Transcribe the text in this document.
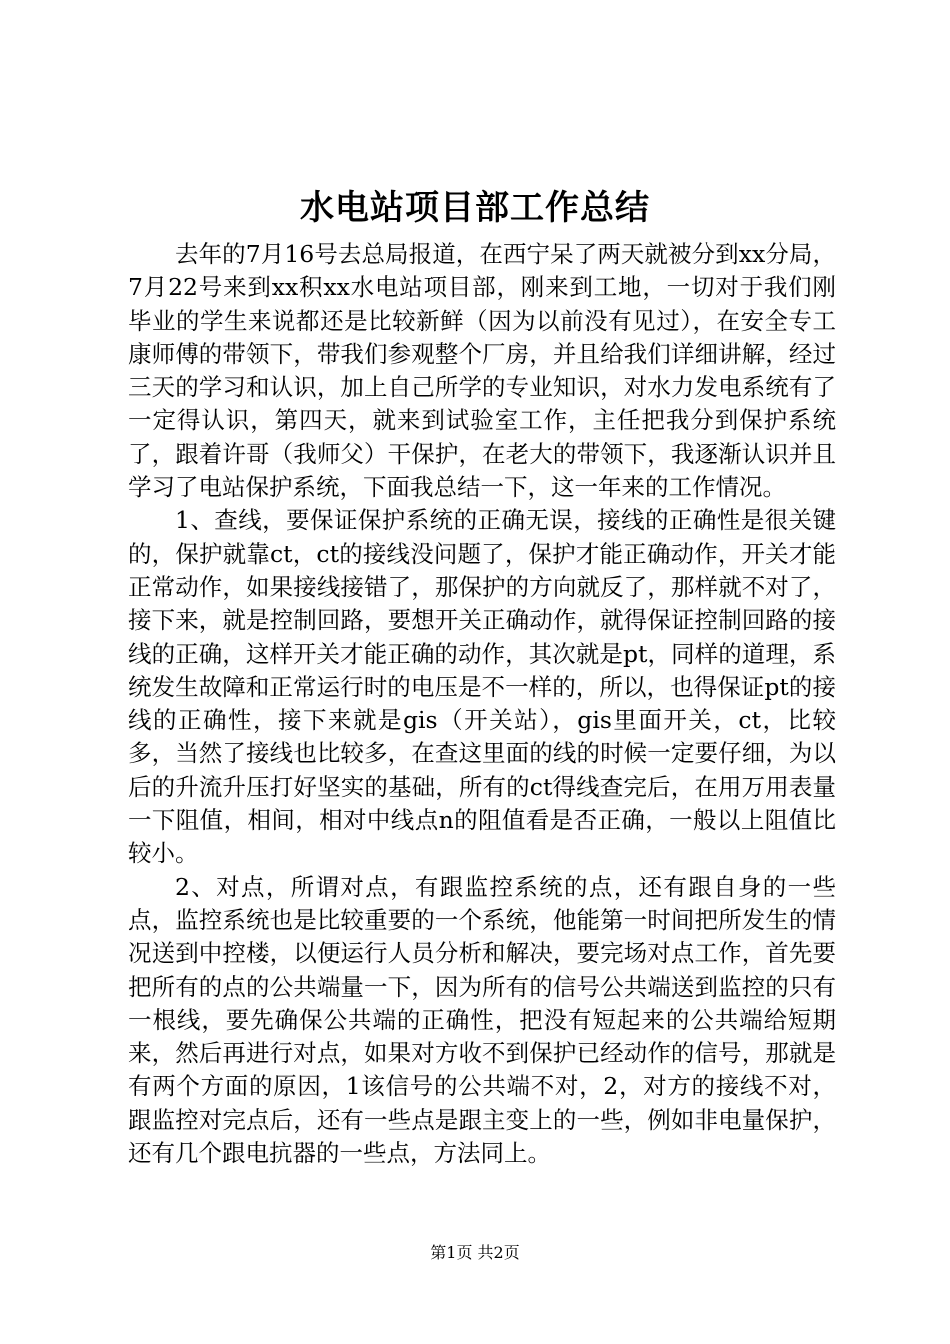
水电站项目部工作总结

去年的7月16号去总局报道，在西宁呆了两天就被分到xx分局，7月22号来到xx积xx水电站项目部，刚来到工地，一切对于我们刚毕业的学生来说都还是比较新鲜（因为以前没有见过），在安全专工康师傅的带领下，带我们参观整个厂房，并且给我们详细讲解，经过三天的学习和认识，加上自己所学的专业知识，对水力发电系统有了一定得认识，第四天，就来到试验室工作，主任把我分到保护系统了，跟着许哥（我师父）干保护，在老大的带领下，我逐渐认识并且学习了电站保护系统，下面我总结一下，这一年来的工作情况。

1、查线，要保证保护系统的正确无误，接线的正确性是很关键的，保护就靠ct，ct的接线没问题了，保护才能正确动作，开关才能正常动作，如果接线接错了，那保护的方向就反了，那样就不对了，接下来，就是控制回路，要想开关正确动作，就得保证控制回路的接线的正确，这样开关才能正确的动作，其次就是pt，同样的道理，系统发生故障和正常运行时的电压是不一样的，所以，也得保证pt的接线的正确性，接下来就是gis（开关站），gis里面开关，ct，比较多，当然了接线也比较多，在查这里面的线的时候一定要仔细，为以后的升流升压打好坚实的基础，所有的ct得线查完后，在用万用表量一下阻值，相间，相对中线点n的阻值看是否正确，一般以上阻值比较小。

2、对点，所谓对点，有跟监控系统的点，还有跟自身的一些点，监控系统也是比较重要的一个系统，他能第一时间把所发生的情况送到中控楼，以便运行人员分析和解决，要完场对点工作，首先要把所有的点的公共端量一下，因为所有的信号公共端送到监控的只有一根线，要先确保公共端的正确性，把没有短起来的公共端给短期来，然后再进行对点，如果对方收不到保护已经动作的信号，那就是有两个方面的原因，1该信号的公共端不对，2，对方的接线不对，跟监控对完点后，还有一些点是跟主变上的一些，例如非电量保护，还有几个跟电抗器的一些点，方法同上。

第1页 共2页
